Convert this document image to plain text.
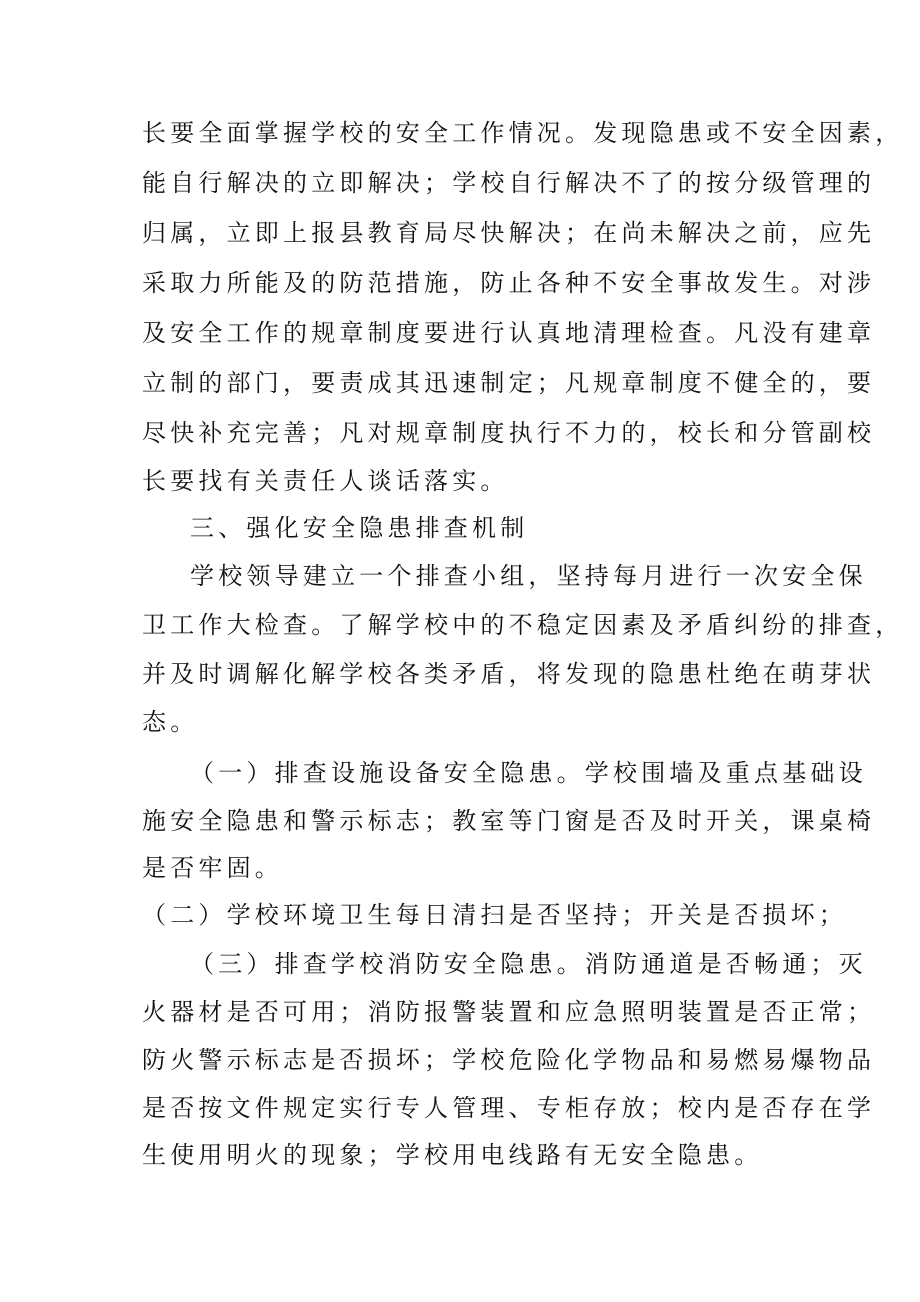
长要全面掌握学校的安全工作情况。发现隐患或不安全因素，
能自行解决的立即解决；学校自行解决不了的按分级管理的
归属，立即上报县教育局尽快解决；在尚未解决之前，应先
采取力所能及的防范措施，防止各种不安全事故发生。对涉
及安全工作的规章制度要进行认真地清理检查。凡没有建章
立制的部门，要责成其迅速制定；凡规章制度不健全的，要
尽快补充完善；凡对规章制度执行不力的，校长和分管副校
长要找有关责任人谈话落实。
三、强化安全隐患排查机制
学校领导建立一个排查小组，坚持每月进行一次安全保
卫工作大检查。了解学校中的不稳定因素及矛盾纠纷的排查，
并及时调解化解学校各类矛盾，将发现的隐患杜绝在萌芽状
态。
（一）排查设施设备安全隐患。学校围墙及重点基础设
施安全隐患和警示标志；教室等门窗是否及时开关，课桌椅
是否牢固。
（二）学校环境卫生每日清扫是否坚持；开关是否损坏；
（三）排查学校消防安全隐患。消防通道是否畅通；灭
火器材是否可用；消防报警装置和应急照明装置是否正常；
防火警示标志是否损坏；学校危险化学物品和易燃易爆物品
是否按文件规定实行专人管理、专柜存放；校内是否存在学
生使用明火的现象；学校用电线路有无安全隐患。
